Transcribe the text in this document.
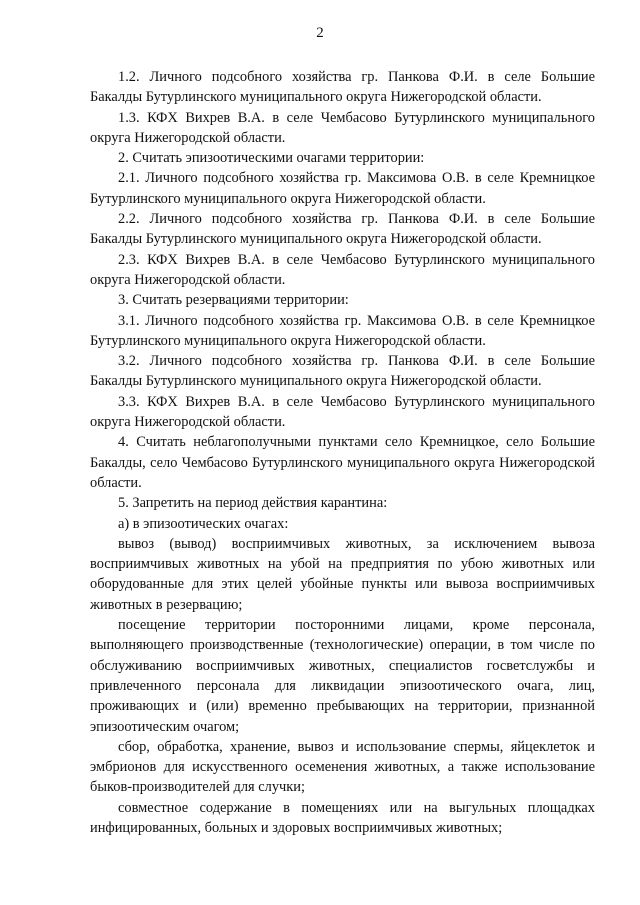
2
1.2. Личного подсобного хозяйства гр. Панкова Ф.И. в селе Большие
Бакалды Бутурлинского муниципального округа Нижегородской области.
1.3. КФХ Вихрев В.А. в селе Чембасово Бутурлинского муниципального
округа Нижегородской области.
2. Считать эпизоотическими очагами территории:
2.1. Личного подсобного хозяйства гр. Максимова О.В. в селе Кремницкое
Бутурлинского муниципального округа Нижегородской области.
2.2. Личного подсобного хозяйства гр. Панкова Ф.И. в селе Большие
Бакалды Бутурлинского муниципального округа Нижегородской области.
2.3. КФХ Вихрев В.А. в селе Чембасово Бутурлинского муниципального
округа Нижегородской области.
3. Считать резервациями территории:
3.1. Личного подсобного хозяйства гр. Максимова О.В. в селе Кремницкое
Бутурлинского муниципального округа Нижегородской области.
3.2. Личного подсобного хозяйства гр. Панкова Ф.И. в селе Большие
Бакалды Бутурлинского муниципального округа Нижегородской области.
3.3. КФХ Вихрев В.А. в селе Чембасово Бутурлинского муниципального
округа Нижегородской области.
4. Считать неблагополучными пунктами село Кремницкое, село Большие
Бакалды, село Чембасово Бутурлинского муниципального округа Нижегородской
области.
5. Запретить на период действия карантина:
а) в эпизоотических очагах:
вывоз (вывод) восприимчивых животных, за исключением вывоза
восприимчивых животных на убой на предприятия по убою животных или
оборудованные для этих целей убойные пункты или вывоза восприимчивых
животных в резервацию;
посещение территории посторонними лицами, кроме персонала,
выполняющего производственные (технологические) операции, в том числе по
обслуживанию восприимчивых животных, специалистов госветслужбы и
привлеченного персонала для ликвидации эпизоотического очага, лиц,
проживающих и (или) временно пребывающих на территории, признанной
эпизоотическим очагом;
сбор, обработка, хранение, вывоз и использование спермы, яйцеклеток и
эмбрионов для искусственного осеменения животных, а также использование
быков-производителей для случки;
совместное содержание в помещениях или на выгульных площадках
инфицированных, больных и здоровых восприимчивых животных;
